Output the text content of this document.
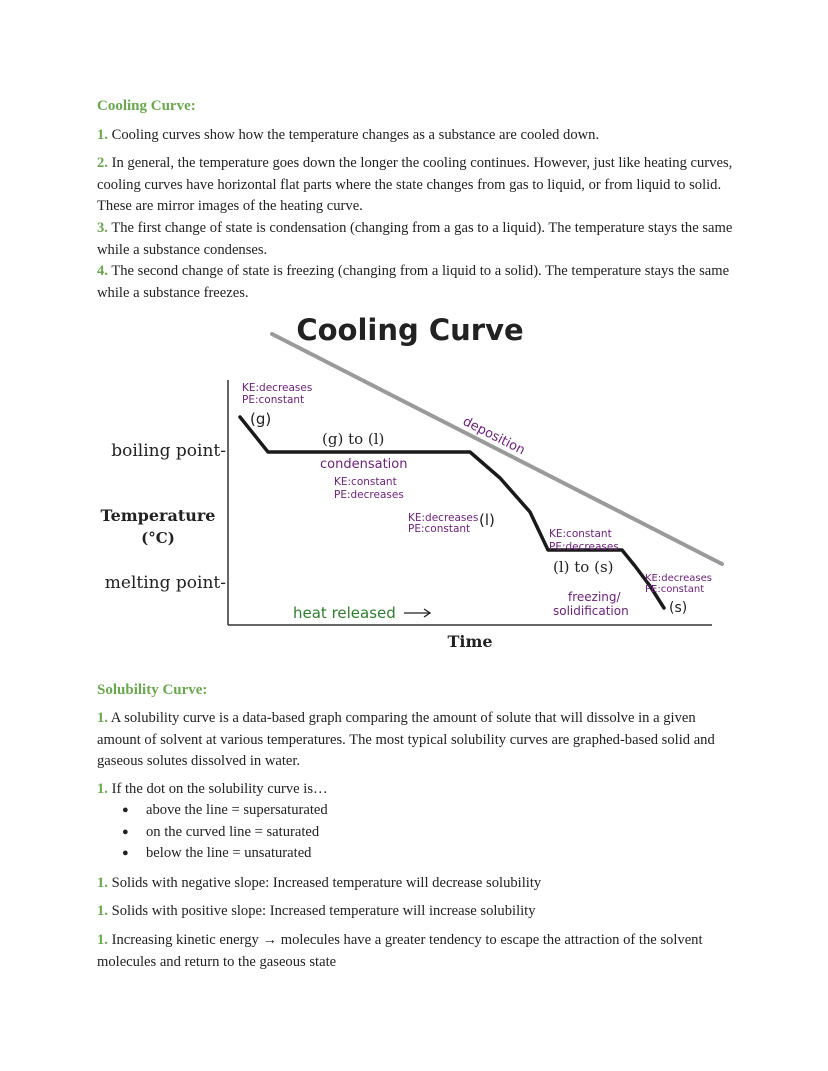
Cooling Curve:
1. Cooling curves show how the temperature changes as a substance are cooled down.
2. In general, the temperature goes down the longer the cooling continues. However, just like heating curves, cooling curves have horizontal flat parts where the state changes from gas to liquid, or from liquid to solid. These are mirror images of the heating curve.
3. The first change of state is condensation (changing from a gas to a liquid). The temperature stays the same while a substance condenses.
4. The second change of state is freezing (changing from a liquid to a solid). The temperature stays the same while a substance freezes.
Cooling Curve
deposition
boiling point-
Temperature
(°C)
melting point-
Time
heat released
KE:decreases
PE:constant
(g)
(g) to (l)
condensation
KE:constant
PE:decreases
KE:decreases
PE:constant (l)
KE:constant
PE:decreases
(l) to (s)
freezing/
solidification
KE:decreases
PE:constant
(s)
Solubility Curve:
1. A solubility curve is a data-based graph comparing the amount of solute that will dissolve in a given amount of solvent at various temperatures. The most typical solubility curves are graphed-based solid and gaseous solutes dissolved in water.
1. If the dot on the solubility curve is…
● above the line = supersaturated
● on the curved line = saturated
● below the line = unsaturated
1. Solids with negative slope: Increased temperature will decrease solubility
1. Solids with positive slope: Increased temperature will increase solubility
1. Increasing kinetic energy → molecules have a greater tendency to escape the attraction of the solvent molecules and return to the gaseous state
